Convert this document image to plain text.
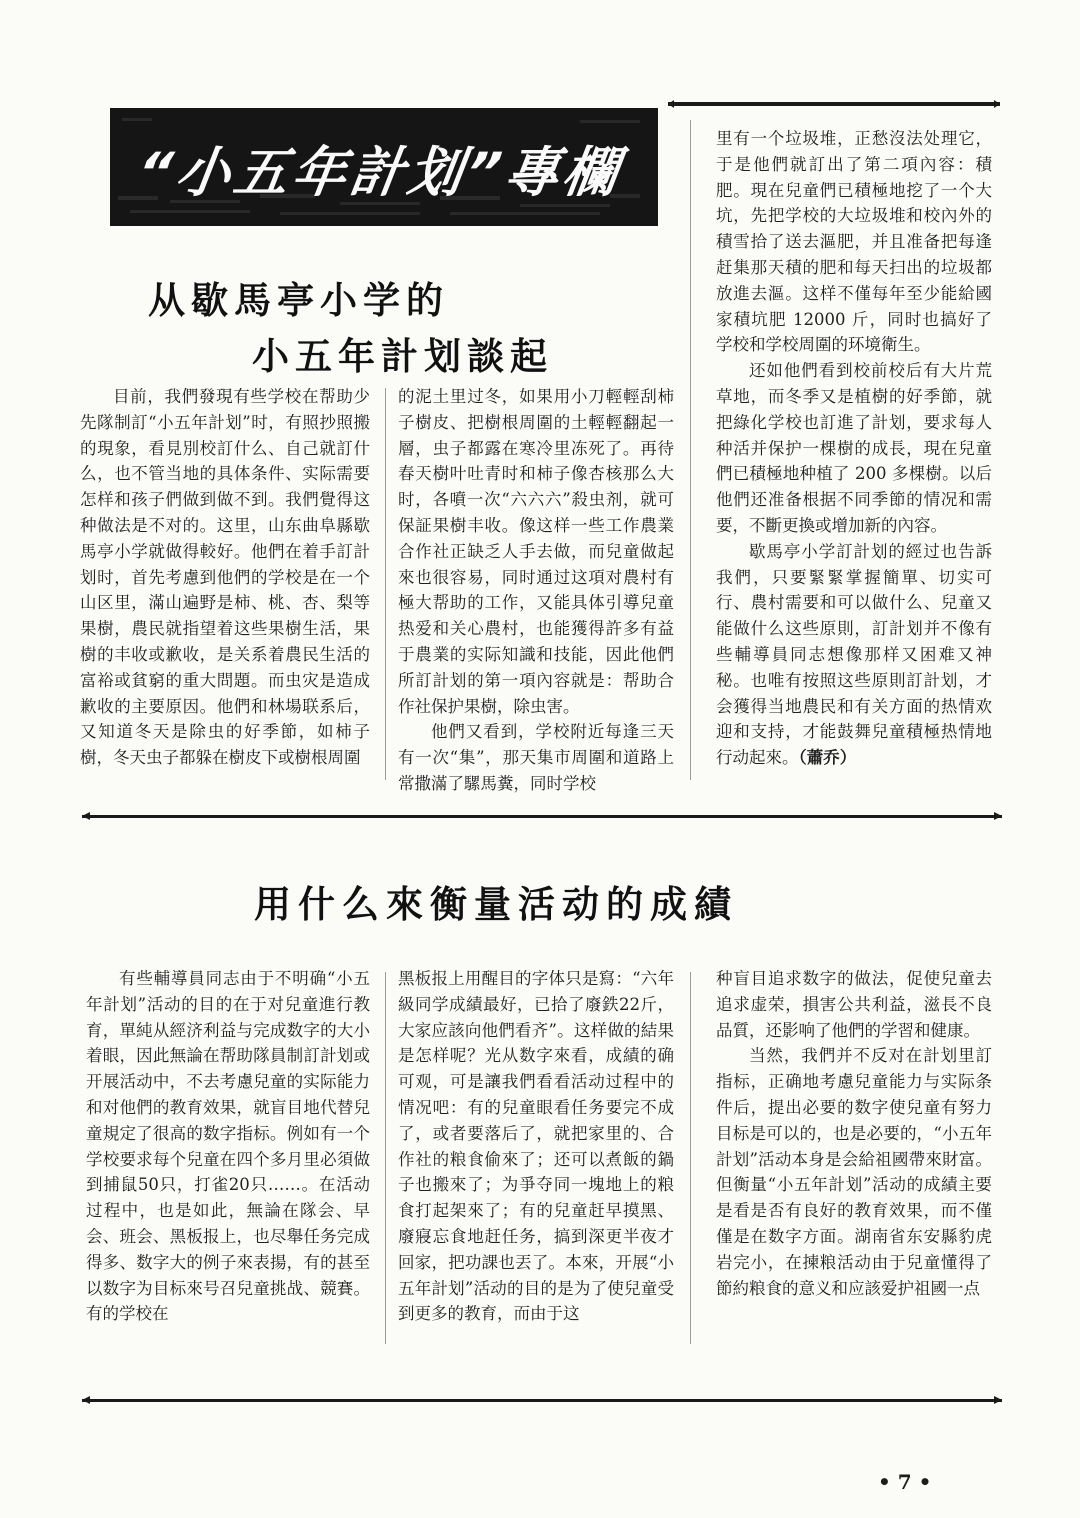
“小五年計划”專欄
从歇馬亭小学的
小五年計划談起

目前，我們發現有些学校在帮助少先隊制訂“小五年計划”时，有照抄照搬的現象，看見別校訂什么、自己就訂什么，也不管当地的具体条件、实际需要怎样和孩子們做到做不到。我們覺得这种做法是不对的。这里，山东曲阜縣歇馬亭小学就做得較好。他們在着手訂計划时，首先考慮到他們的学校是在一个山区里，滿山遍野是柿、桃、杏、梨等果樹，農民就指望着这些果樹生活，果樹的丰收或歉收，是关系着農民生活的富裕或貧窮的重大問題。而虫灾是造成歉收的主要原因。他們和林場联系后，又知道冬天是除虫的好季節，如柿子樹，冬天虫子都躲在樹皮下或樹根周圍

的泥土里过冬，如果用小刀輕輕刮柿子樹皮、把樹根周圍的土輕輕翻起一層，虫子都露在寒冷里冻死了。再待春天樹叶吐青时和柿子像杏核那么大时，各噴一次“六六六”殺虫剂，就可保証果樹丰收。像这样一些工作農業合作社正缺乏人手去做，而兒童做起來也很容易，同时通过这項对農村有極大帮助的工作，又能具体引導兒童热爱和关心農村，也能獲得許多有益于農業的实际知識和技能，因此他們所訂計划的第一項內容就是：帮助合作社保护果樹，除虫害。

他們又看到，学校附近每逢三天有一次“集”，那天集市周圍和道路上常撒滿了騾馬糞，同时学校

里有一个垃圾堆，正愁沒法处理它，于是他們就訂出了第二項內容：積肥。現在兒童們已積極地挖了一个大坑，先把学校的大垃圾堆和校內外的積雪拾了送去漚肥，并且准备把每逢赶集那天積的肥和每天扫出的垃圾都放進去漚。这样不僅每年至少能給國家積坑肥 12000 斤，同时也搞好了学校和学校周圍的环境衛生。

还如他們看到校前校后有大片荒草地，而冬季又是植樹的好季節，就把綠化学校也訂進了計划，要求每人种活并保护一棵樹的成長，現在兒童們已積極地种植了 200 多棵樹。以后他們还准备根据不同季節的情况和需要，不斷更換或增加新的內容。

歇馬亭小学訂計划的經过也告訴我們，只要緊緊掌握簡單、切实可行、農村需要和可以做什么、兒童又能做什么这些原則，訂計划并不像有些輔導員同志想像那样又困难又神秘。也唯有按照这些原則訂計划，才会獲得当地農民和有关方面的热情欢迎和支持，才能鼓舞兒童積極热情地行动起來。（蕭乔）

用什么來衡量活动的成績

有些輔導員同志由于不明确“小五年計划”活动的目的在于对兒童進行教育，單純从經济利益与完成数字的大小着眼，因此無論在帮助隊員制訂計划或开展活动中，不去考慮兒童的实际能力和对他們的教育效果，就盲目地代替兒童規定了很高的数字指标。例如有一个学校要求每个兒童在四个多月里必須做到捕鼠50只，打雀20只……。在活动过程中，也是如此，無論在隊会、早会、班会、黑板报上，也尽舉任务完成得多、数字大的例子來表揚，有的甚至以数字为目标來号召兒童挑战、競賽。有的学校在

黑板报上用醒目的字体只是寫：“六年級同学成績最好，已拾了廢鉄22斤，大家应該向他們看齐”。这样做的結果是怎样呢？光从数字來看，成績的确可观，可是讓我們看看活动过程中的情况吧：有的兒童眼看任务要完不成了，或者要落后了，就把家里的、合作社的粮食偷來了；还可以煮飯的鍋子也搬來了；为爭夺同一塊地上的粮食打起架來了；有的兒童赶早摸黑、廢寢忘食地赶任务，搞到深更半夜才回家，把功課也丟了。本來，开展“小五年計划”活动的目的是为了使兒童受到更多的教育，而由于这

种盲目追求数字的做法，促使兒童去追求虚荣，損害公共利益，滋長不良品質，还影响了他們的学習和健康。

当然，我們并不反对在計划里訂指标，正确地考慮兒童能力与实际条件后，提出必要的数字使兒童有努力目标是可以的，也是必要的，“小五年計划”活动本身是会給祖國帶來財富。但衡量“小五年計划”活动的成績主要是看是否有良好的教育效果，而不僅僅是在数字方面。湖南省东安縣豹虎岩完小，在揀粮活动由于兒童懂得了節約粮食的意义和应該爱护祖國一点

• 7 •
